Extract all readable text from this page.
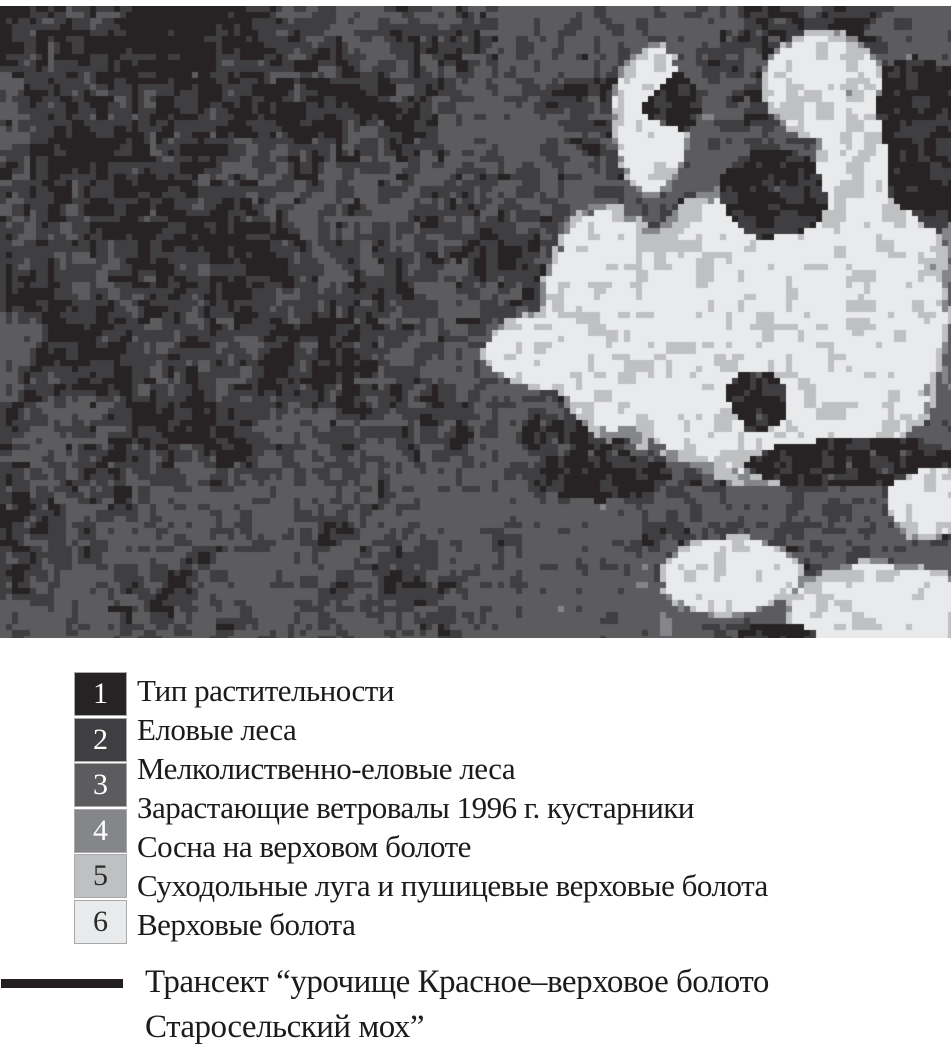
1
2
3
4
5
6
Тип растительности
Еловые леса
Мелколиственно-еловые леса
Зарастающие ветровалы 1996 г. кустарники
Сосна на верховом болоте
Суходольные луга и пушицевые верховые болота
Верховые болота
Трансект “урочище Красное–верховое болото
Старосельский мох”
